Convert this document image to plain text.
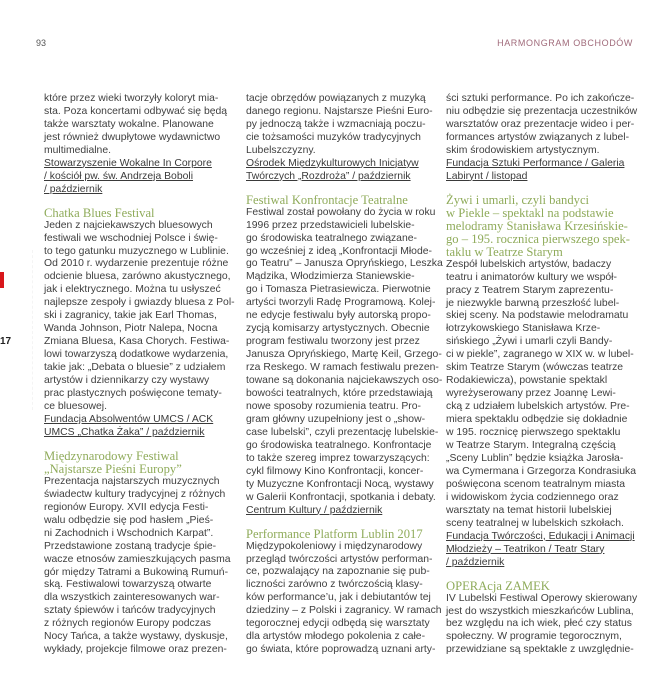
93	HARMONGRAM OBCHODÓW
17
które przez wieki tworzyły koloryt mia-
sta. Poza koncertami odbywać się będą
także warsztaty wokalne. Planowane
jest również dwupłytowe wydawnictwo
multimedialne.
Stowarzyszenie Wokalne In Corpore
/ kościół pw. św. Andrzeja Boboli
/ październik
Chatka Blues Festival
Jeden z najciekawszych bluesowych
festiwali we wschodniej Polsce i świę-
to tego gatunku muzycznego w Lublinie.
Od 2010 r. wydarzenie prezentuje różne
odcienie bluesa, zarówno akustycznego,
jak i elektrycznego. Można tu usłyszeć
najlepsze zespoły i gwiazdy bluesa z Pol-
ski i zagranicy, takie jak Earl Thomas,
Wanda Johnson, Piotr Nalepa, Nocna
Zmiana Bluesa, Kasa Chorych. Festiwa-
lowi towarzyszą dodatkowe wydarzenia,
takie jak: „Debata o bluesie” z udziałem
artystów i dziennikarzy czy wystawy
prac plastycznych poświęcone tematy-
ce bluesowej.
Fundacja Absolwentów UMCS / ACK
UMCS „Chatka Żaka” / październik
Międzynarodowy Festiwal
„Najstarsze Pieśni Europy”
Prezentacja najstarszych muzycznych
świadectw kultury tradycyjnej z różnych
regionów Europy. XVII edycja Festi-
walu odbędzie się pod hasłem „Pieś-
ni Zachodnich i Wschodnich Karpat”.
Przedstawione zostaną tradycje śpie-
wacze etnosów zamieszkujących pasma
gór między Tatrami a Bukowiną Rumuń-
ską. Festiwalowi towarzyszą otwarte
dla wszystkich zainteresowanych war-
sztaty śpiewów i tańców tradycyjnych
z różnych regionów Europy podczas
Nocy Tańca, a także wystawy, dyskusje,
wykłady, projekcje filmowe oraz prezen-
tacje obrzędów powiązanych z muzyką
danego regionu. Najstarsze Pieśni Euro-
py jednoczą także i wzmacniają poczu-
cie tożsamości muzyków tradycyjnych
Lubelszczyzny.
Ośrodek Międzykulturowych Inicjatyw
Twórczych „Rozdroża” / październik
Festiwal Konfrontacje Teatralne
Festiwal został powołany do życia w roku
1996 przez przedstawicieli lubelskie-
go środowiska teatralnego związane-
go wcześniej z ideą „Konfrontacji Młode-
go Teatru” – Janusza Opryńskiego, Leszka
Mądzika, Włodzimierza Staniewskie-
go i Tomasza Pietrasiewicza. Pierwotnie
artyści tworzyli Radę Programową. Kolej-
ne edycje festiwalu były autorską propo-
zycją komisarzy artystycznych. Obecnie
program festiwalu tworzony jest przez
Janusza Opryńskiego, Martę Keil, Grzego-
rza Reskego. W ramach festiwalu prezen-
towane są dokonania najciekawszych oso-
bowości teatralnych, które przedstawiają
nowe sposoby rozumienia teatru. Pro-
gram główny uzupełniony jest o „show-
case lubelski”, czyli prezentację lubelskie-
go środowiska teatralnego. Konfrontacje
to także szereg imprez towarzyszących:
cykl filmowy Kino Konfrontacji, koncer-
ty Muzyczne Konfrontacji Nocą, wystawy
w Galerii Konfrontacji, spotkania i debaty.
Centrum Kultury / październik
Performance Platform Lublin 2017
Międzypokoleniowy i międzynarodowy
przegląd twórczości artystów performan-
ce, pozwalający na zapoznanie się pub-
liczności zarówno z twórczością klasy-
ków performance’u, jak i debiutantów tej
dziedziny – z Polski i zagranicy. W ramach
tegorocznej edycji odbędą się warsztaty
dla artystów młodego pokolenia z całe-
go świata, które poprowadzą uznani arty-
ści sztuki performance. Po ich zakończe-
niu odbędzie się prezentacja uczestników
warsztatów oraz prezentacje wideo i per-
formances artystów związanych z lubel-
skim środowiskiem artystycznym.
Fundacja Sztuki Performance / Galeria
Labirynt / listopad
Żywi i umarli, czyli bandyci
w Piekle – spektakl na podstawie
melodramy Stanisława Krzesińskie-
go – 195. rocznica pierwszego spek-
taklu w Teatrze Starym
Zespół lubelskich artystów, badaczy
teatru i animatorów kultury we współ-
pracy z Teatrem Starym zaprezentu-
je niezwykle barwną przeszłość lubel-
skiej sceny. Na podstawie melodramatu
łotrzykowskiego Stanisława Krze-
sińskiego „Żywi i umarli czyli Bandy-
ci w piekle”, zagranego w XIX w. w lubel-
skim Teatrze Starym (wówczas teatrze
Rodakiewicza), powstanie spektakl
wyreżyserowany przez Joannę Lewi-
cką z udziałem lubelskich artystów. Pre-
miera spektaklu odbędzie się dokładnie
w 195. rocznicę pierwszego spektaklu
w Teatrze Starym. Integralną częścią
„Sceny Lublin” będzie książka Jarosła-
wa Cymermana i Grzegorza Kondrasiuka
poświęcona scenom teatralnym miasta
i widowiskom życia codziennego oraz
warsztaty na temat historii lubelskiej
sceny teatralnej w lubelskich szkołach.
Fundacja Twórczości, Edukacji i Animacji
Młodzieży – Teatrikon / Teatr Stary
/ październik
OPERAcja ZAMEK
IV Lubelski Festiwal Operowy skierowany
jest do wszystkich mieszkańców Lublina,
bez względu na ich wiek, płeć czy status
społeczny. W programie tegorocznym,
przewidziane są spektakle z uwzględnie-
